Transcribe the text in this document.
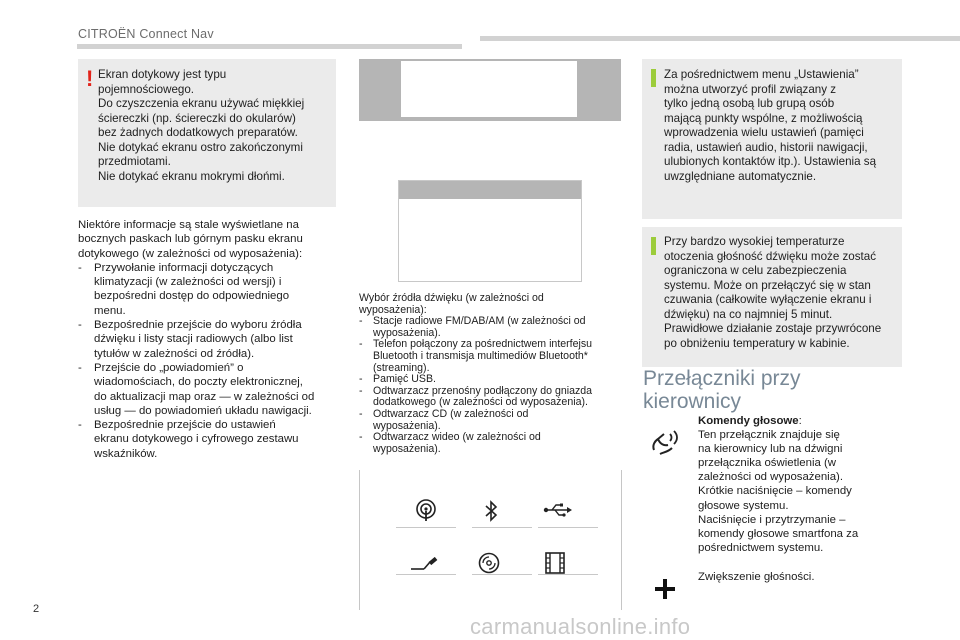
CITROËN Connect Nav
! Ekran dotykowy jest typu

pojemnościowego.

Do czyszczenia ekranu używać miękkiej

ściereczki (np. ściereczki do okularów)

bez żadnych dodatkowych preparatów.

Nie dotykać ekranu ostro zakończonymi

przedmiotami.

Nie dotykać ekranu mokrymi dłońmi.

Niektóre informacje są stale wyświetlane na
bocznych paskach lub górnym pasku ekranu
dotykowego (w zależności od wyposażenia):
- Przywołanie informacji dotyczących
klimatyzacji (w zależności od wersji) i
bezpośredni dostęp do odpowiedniego
menu.
- Bezpośrednie przejście do wyboru źródła
dźwięku i listy stacji radiowych (albo list
tytułów w zależności od źródła).
- Przejście do „powiadomień” o
wiadomościach, do poczty elektronicznej,
do aktualizacji map oraz — w zależności od
usług — do powiadomień układu nawigacji.
- Bezpośrednie przejście do ustawień
ekranu dotykowego i cyfrowego zestawu
wskaźników.
Wybór źródła dźwięku (w zależności od
wyposażenia):
- Stacje radiowe FM/DAB/AM (w zależności od
wyposażenia).
- Telefon połączony za pośrednictwem interfejsu
Bluetooth i transmisja multimediów Bluetooth*
(streaming).
- Pamięć USB.
- Odtwarzacz przenośny podłączony do gniazda
dodatkowego (w zależności od wyposażenia).
- Odtwarzacz CD (w zależności od
wyposażenia).
- Odtwarzacz wideo (w zależności od
wyposażenia).

Za pośrednictwem menu „Ustawienia”

można utworzyć profil związany z

tylko jedną osobą lub grupą osób

mającą punkty wspólne, z możliwością

wprowadzenia wielu ustawień (pamięci

radia, ustawień audio, historii nawigacji,

ulubionych kontaktów itp.). Ustawienia są

uwzględniane automatycznie.

Przy bardzo wysokiej temperaturze

otoczenia głośność dźwięku może zostać

ograniczona w celu zabezpieczenia

systemu. Może on przełączyć się w stan

czuwania (całkowite wyłączenie ekranu i

dźwięku) na co najmniej 5 minut.

Prawidłowe działanie zostaje przywrócone

po obniżeniu temperatury w kabinie.

Przełączniki przy
kierownicy
Komendy głosowe:
Ten przełącznik znajduje się
na kierownicy lub na dźwigni
przełącznika oświetlenia (w
zależności od wyposażenia).
Krótkie naciśnięcie – komendy
głosowe systemu.
Naciśnięcie i przytrzymanie –
komendy głosowe smartfona za
pośrednictwem systemu.
Zwiększenie głośności.
2
carmanualsonline.info
